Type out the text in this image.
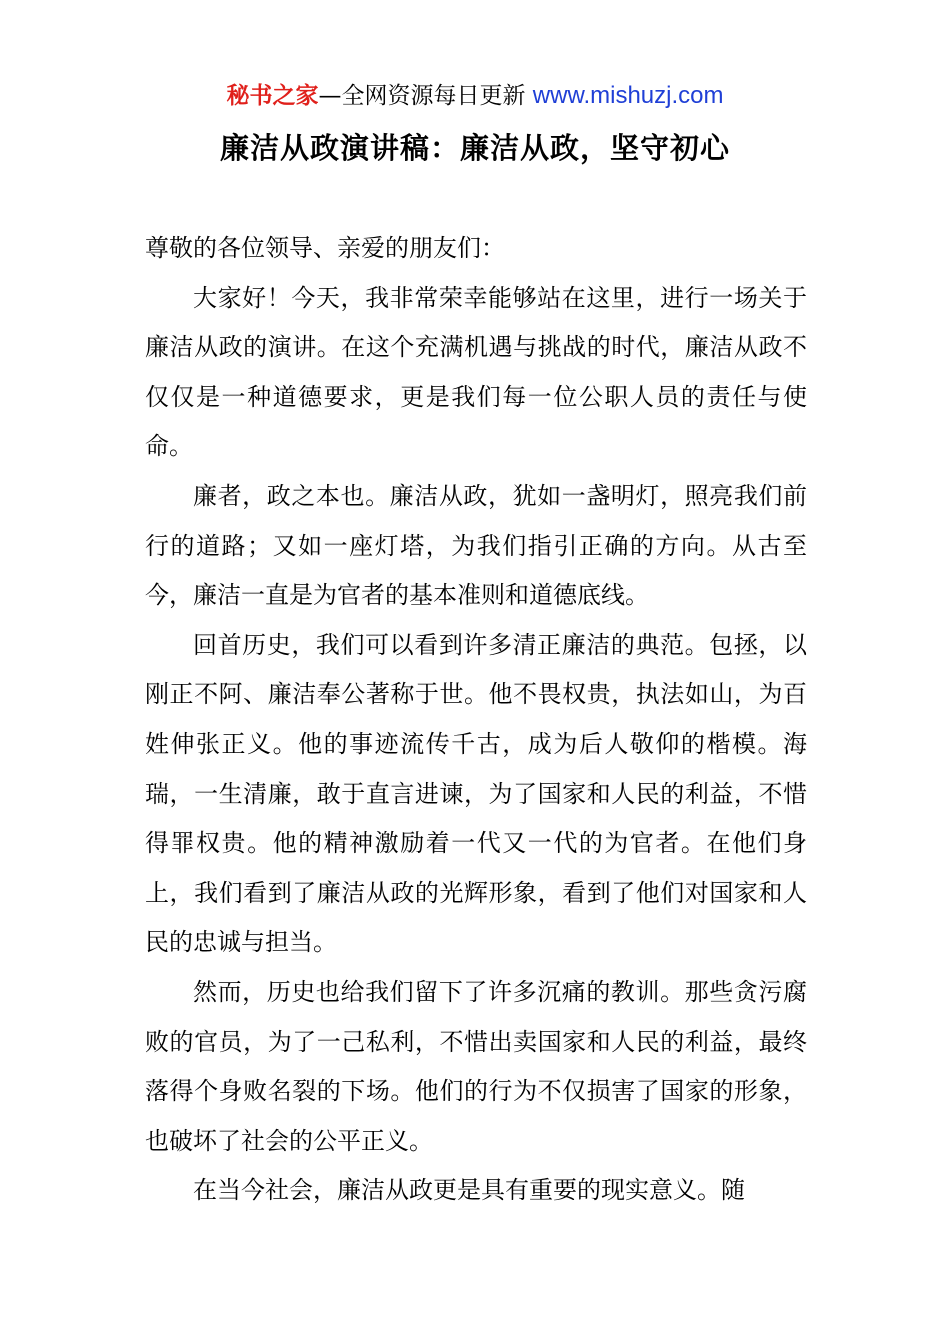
秘书之家—全网资源每日更新 www.mishuzj.com
廉洁从政演讲稿：廉洁从政，坚守初心

尊敬的各位领导、亲爱的朋友们：

大家好！今天，我非常荣幸能够站在这里，进行一场关于廉洁从政的演讲。在这个充满机遇与挑战的时代，廉洁从政不仅仅是一种道德要求，更是我们每一位公职人员的责任与使命。

廉者，政之本也。廉洁从政，犹如一盏明灯，照亮我们前行的道路；又如一座灯塔，为我们指引正确的方向。从古至今，廉洁一直是为官者的基本准则和道德底线。

回首历史，我们可以看到许多清正廉洁的典范。包拯，以刚正不阿、廉洁奉公著称于世。他不畏权贵，执法如山，为百姓伸张正义。他的事迹流传千古，成为后人敬仰的楷模。海瑞，一生清廉，敢于直言进谏，为了国家和人民的利益，不惜得罪权贵。他的精神激励着一代又一代的为官者。在他们身上，我们看到了廉洁从政的光辉形象，看到了他们对国家和人民的忠诚与担当。

然而，历史也给我们留下了许多沉痛的教训。那些贪污腐败的官员，为了一己私利，不惜出卖国家和人民的利益，最终落得个身败名裂的下场。他们的行为不仅损害了国家的形象，也破坏了社会的公平正义。

在当今社会，廉洁从政更是具有重要的现实意义。随
